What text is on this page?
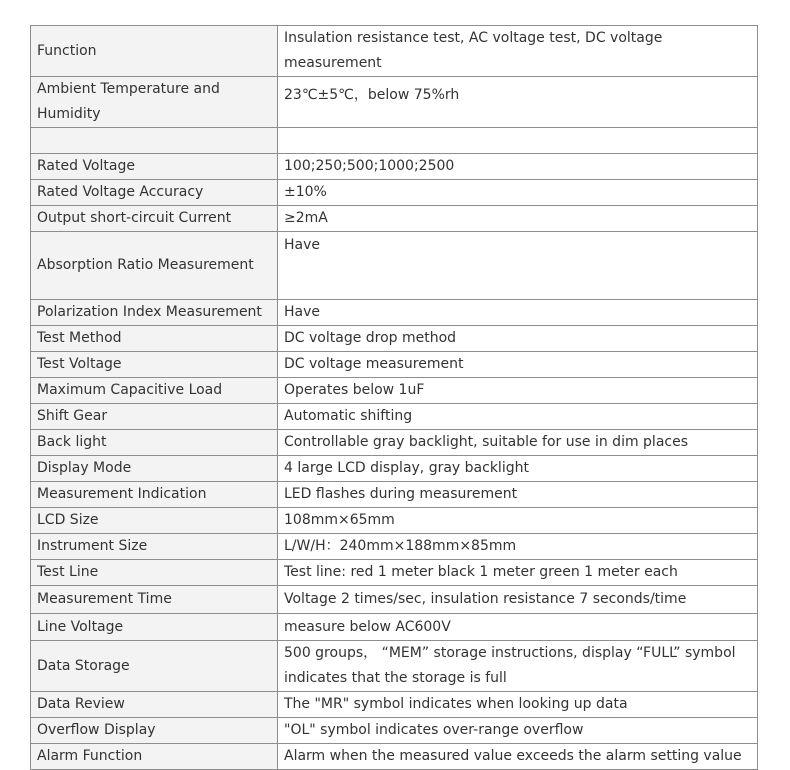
Function	Insulation resistance test, AC voltage test, DC voltage measurement
Ambient Temperature and Humidity	23℃±5℃，below 75%rh

Rated Voltage	100;250;500;1000;2500
Rated Voltage Accuracy	±10%
Output short-circuit Current	≥2mA
Absorption Ratio Measurement	Have
Polarization Index Measurement	Have
Test Method	DC voltage drop method
Test Voltage	DC voltage measurement
Maximum Capacitive Load	Operates below 1uF
Shift Gear	Automatic shifting
Back light	Controllable gray backlight, suitable for use in dim places
Display Mode	4 large LCD display, gray backlight
Measurement Indication	LED flashes during measurement
LCD Size	108mm×65mm
Instrument Size	L/W/H：240mm×188mm×85mm
Test Line	Test line: red 1 meter black 1 meter green 1 meter each
Measurement Time	Voltage 2 times/sec, insulation resistance 7 seconds/time
Line Voltage	measure below AC600V
Data Storage	500 groups， “MEM” storage instructions, display “FULL” symbol indicates that the storage is full
Data Review	The "MR" symbol indicates when looking up data
Overflow Display	"OL" symbol indicates over-range overflow
Alarm Function	Alarm when the measured value exceeds the alarm setting value
